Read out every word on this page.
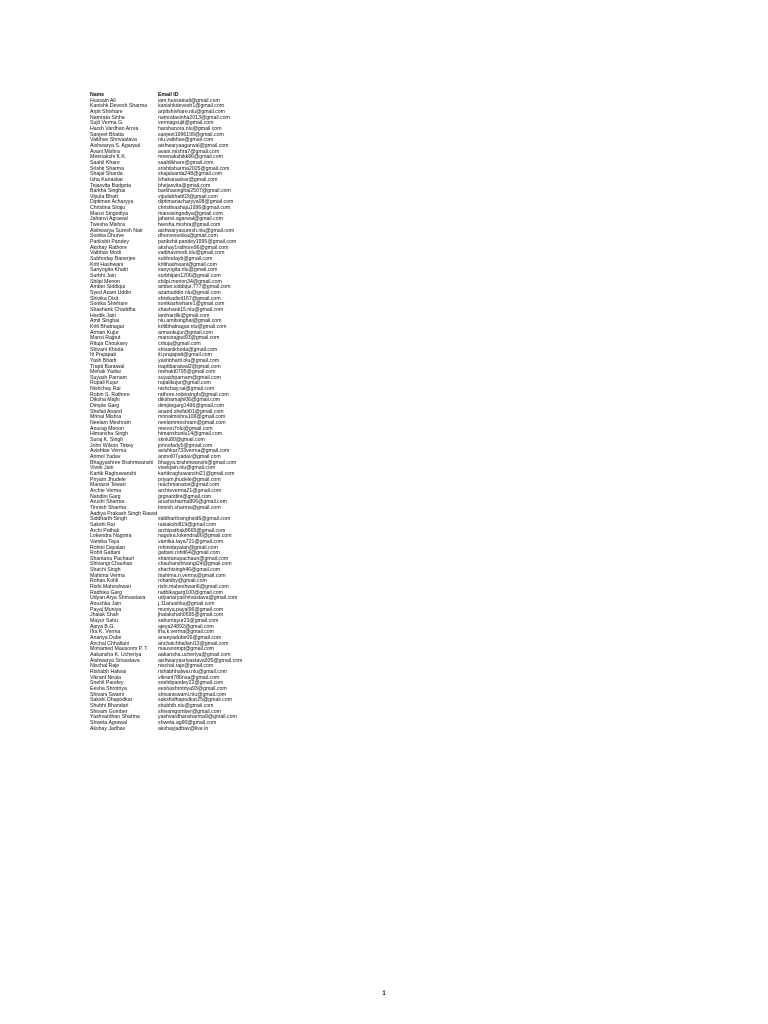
Name	Email ID
Hussain Ali	iam.hussainali@gmail.com
Kanishk Devesh Sharma	kanishkdevesh1@gmail.com
Arpit Shivhare	arpitshivhare.nlu@gmail.com
Namrata Sinha	namratasinha2013@gmail.com
Sujit Verma G.	vermagsujit@gmail.com
Harsh Vardhan Arora	harshanora.nlu@gmail.com
Sanjeet Bhatia	sanjeet1996199@gmail.com
Vaibhav Shrivastava	nlu.vaibhav@gmail.com
Aishwarya S. Agarwal	aishwaryaagarwal@gmail.com
Avani Mishra	avani.mishra7@gmail.com
Meenakshi K.K.	meenakshikk86@gmail.com
Saahil Khare	saahilkhare@gmail.com
Srishti Sharma	srishtisharma2025@gmail.com
Shajal Sharda	shajalsarda248@gmail.com
Isha Kanaskar	ishakanaskar@gmail.com
Tejasvita Badgota	bhejasvita@gmail.com
Barkha Singhai	barkhasinghai2507@gmail.com
Vipula Bhatt	vipulabhatt03@gmail.com
Diptiman Acharyya	diptimanacharyya08@gmail.com
Christina Shaju	christinashaju1996@gmail.com
Mansi Singodiya	mansisingodiya@gmail.com
Jahanvi Agrawal	jahanvi.agarwal@gmail.com
Twesha Mishra	twesha.mishra@gmail.com
Aishwarya Suresh Nair	aishwaryasuresh.nlu@gmail.com
Sonika Dhurve	dhurvesonika@gmail.com
Parikshit Pandey	parikshit.pandey1995@gmail.com
Akshay Rathore	akshay1rathore96@gmail.com
Vaibhav Modi	vaibhavmodi.nlu@gmail.com
Subhoday Banerjee	subhodayb@gmail.com
Kriti Hashwani	kritihashwani@gmail.com
Sanyogita Khatri	sanyogita.nlu@gmail.com
Surbhi Jain	surbhijain1206@gmail.com
Shilpi Menon	shilpi.menon34@gmail.com
Amber Siddiqui	amber.siddiqui.777@gmail.com
Syed Azam Uddin	azamuddin.nlu@gmail.com
Shivika Dixit	shivikadixit167@gmail.com
Sonika Shivhare	sonikashivhare1@gmail.com
Shashank Chaddha	shashank15.nlu@gmail.com
Hardik Jain	iamhardik@gmail.com
Amit Singhai	nlu.amitsinghai@gmail.com
Kriti Bhatnagar	kritibhatnagar.nlu@gmail.com
Arman Kujur	armankujur@gmail.com
Mansi Rajput	mansirajput93@gmail.com
Rituja Chouksey	crituja@gmail.com
Shivani Khoda	shivanikhoda@gmail.com
Iti Prajapati	iti.prajapati@gmail.com
Yash Bharti	yashbharti.nlu@gmail.com
Trapti Baraiwal	traptibaraiwal2@gmail.com
Mehak Yadav	mehakt0795@gmail.com
Suyash Parnam	suyashparnam@gmail.com
Rupali Kujur	rupalikujur@gmail.com
Nishchay Rai	nishchay.rai@gmail.com
Robin S. Rathore	rathore.robinsingh@gmail.com
Diksha Majhi	dikshamajhi06@gmail.com
Dimple Garg	dimplegarg1496@gmail.com
Shefali Anand	anand.shefali01@gmail.com
Mrinal Mishra	mrinalmishra106@gmail.com
Neelam Meshram	neelammeshram@gmail.com
Anurag Menon	menon7nlu@gmail.com
Himanshu Singh	himanshunlu14@gmail.com
Suraj K. Singh	sknlu80@gmail.com
John Wilson Tirkey	johnofady5@gmail.com
Avishkar Verma	avishkar733verma@gmail.com
Anmol Yadav	anmol07yadav@gmail.com
Bhagyashree Brahmwanshi	bhagya.brahmwanshi@gmail.com
Vivek Jain	vivekjain.nlu@gmail.com
Kartik Raghuwanshi	kartikraghuwanshi21@gmail.com
Priyam Jhudele	priyam.jhudele@gmail.com
Manasvi Tewari	reachmanasvi@gmail.com
Archie Verma	archieverma21@gmail.com
Nandini Garg	grgnandini@gmail.com
Arushi Sharma	arushisharma806@gmail.com
Tinnish Sharma	tinnish.sharma@gmail.com
Aadiya Prakash Singh Rawat	
Siddharth Singh	siddharthsinghsid6@gmail.com
Sakshi Rai	raisakshi819@gmail.com
Archi Pathak	archipathak8665@gmail.com
Lokendra Nagotra	nagotra.lokendra86@gmail.com
Vamika Taya	vamika.taya721@gmail.com
Rohini Dayalan	rohinidayalan@gmail.com
Rohit Gattani	gattani.rohit64@gmail.com
Shantanu Pachauri	shantanupachauri@gmail.com
Shivangi Chauhan	chauhanshivangi24@gmail.com
Shachi Singh	shachisingh46@gmail.com
Mahima Verma	mahima.n.verma@gmail.com
Rohan Kohli	rohanlby@gmail.com
Rishi Maheshwari	rishi.maheshwari6@gmail.com
Radhika Garg	radhikagarg100@gmail.com
Udyan Arya Shrivastava	udyanaryashrivastava@gmail.com
Anushka Jain	j.11anushka@gmail.com
Payal Muniya	muniya.payal96@gmail.com
Jhalak Shah	jhalakshah0595@gmail.com
Mayur Sahu	sahumayur23@gmail.com
Ajeya B.G.	ajeya24892@gmail.com
Ifra K. Verma	ifra.k.verma@gmail.com
Ananya Dube	ananyadube06@gmail.com
Anchal Chhallani	anchalchhallani13@gmail.com
Mohamed Mausoom P. T.	mausoompt@gmail.com
Aakansha K. Ucheriya	aakansha.ucheriya@gmail.com
Aishwarya Srivastava	aishwaryasrivastava935@gmail.com
Nischal Raje	nischal.raje@gmail.com
Rishabh Halwai	rishabhhalwai.nlu@gmail.com
Vikrant Nirala	vikrant786nsa@gmail.com
Snehil Pandey	snehilpandey22@gmail.com
Eesha Shrotriya	eeshashrotriya93@gmail.com
Shivani Swami	shivaniswami.nlu@gmail.com
Sakshi Dhapodkar	sakshidhapodkar25@gmail.com
Shubhi Bhandari	shubhib.nlu@gmail.com
Shivam Gomber	shivamgomber@gmail.com
Yashvardhan Sharma	yashvardhansharma9@gmail.com
Shweta Agrawal	shweta.ag90@gmail.com
Akshay Jadhav	akshayjadhav@live.in
1
